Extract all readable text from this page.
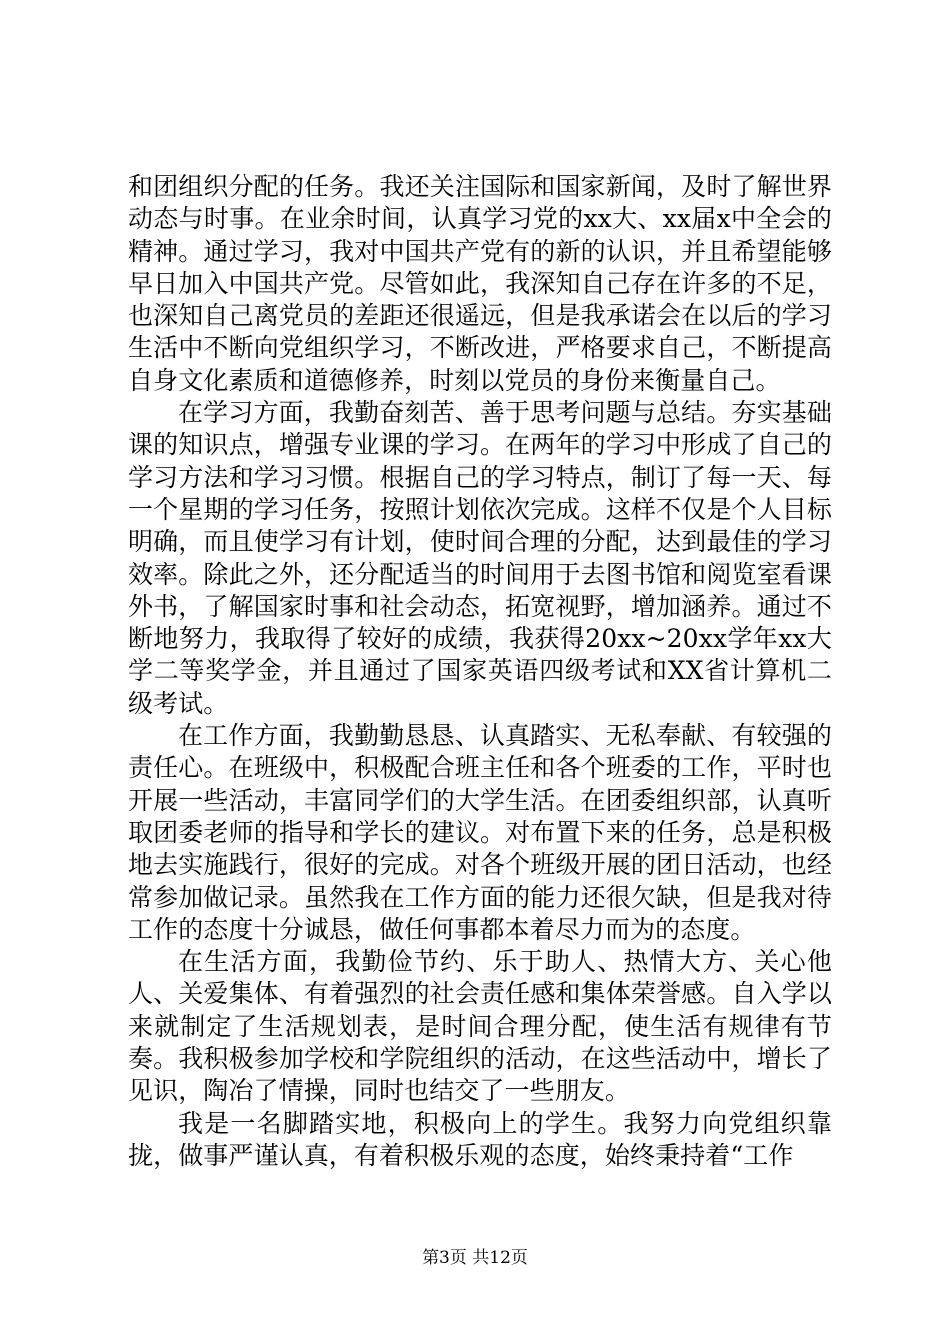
和团组织分配的任务。我还关注国际和国家新闻，及时了解世界动态与时事。在业余时间，认真学习党的xx大、xx届x中全会的精神。通过学习，我对中国共产党有的新的认识，并且希望能够早日加入中国共产党。尽管如此，我深知自己存在许多的不足，也深知自己离党员的差距还很遥远，但是我承诺会在以后的学习生活中不断向党组织学习，不断改进，严格要求自己，不断提高自身文化素质和道德修养，时刻以党员的身份来衡量自己。

在学习方面，我勤奋刻苦、善于思考问题与总结。夯实基础课的知识点，增强专业课的学习。在两年的学习中形成了自己的学习方法和学习习惯。根据自己的学习特点，制订了每一天、每一个星期的学习任务，按照计划依次完成。这样不仅是个人目标明确，而且使学习有计划，使时间合理的分配，达到最佳的学习效率。除此之外，还分配适当的时间用于去图书馆和阅览室看课外书，了解国家时事和社会动态，拓宽视野，增加涵养。通过不断地努力，我取得了较好的成绩，我获得20xx~20xx学年xx大学二等奖学金，并且通过了国家英语四级考试和XX省计算机二级考试。

在工作方面，我勤勤恳恳、认真踏实、无私奉献、有较强的责任心。在班级中，积极配合班主任和各个班委的工作，平时也开展一些活动，丰富同学们的大学生活。在团委组织部，认真听取团委老师的指导和学长的建议。对布置下来的任务，总是积极地去实施践行，很好的完成。对各个班级开展的团日活动，也经常参加做记录。虽然我在工作方面的能力还很欠缺，但是我对待工作的态度十分诚恳，做任何事都本着尽力而为的态度。

在生活方面，我勤俭节约、乐于助人、热情大方、关心他人、关爱集体、有着强烈的社会责任感和集体荣誉感。自入学以来就制定了生活规划表，是时间合理分配，使生活有规律有节奏。我积极参加学校和学院组织的活动，在这些活动中，增长了见识，陶冶了情操，同时也结交了一些朋友。

我是一名脚踏实地，积极向上的学生。我努力向党组织靠拢，做事严谨认真，有着积极乐观的态度，始终秉持着“工作

第3页 共12页
